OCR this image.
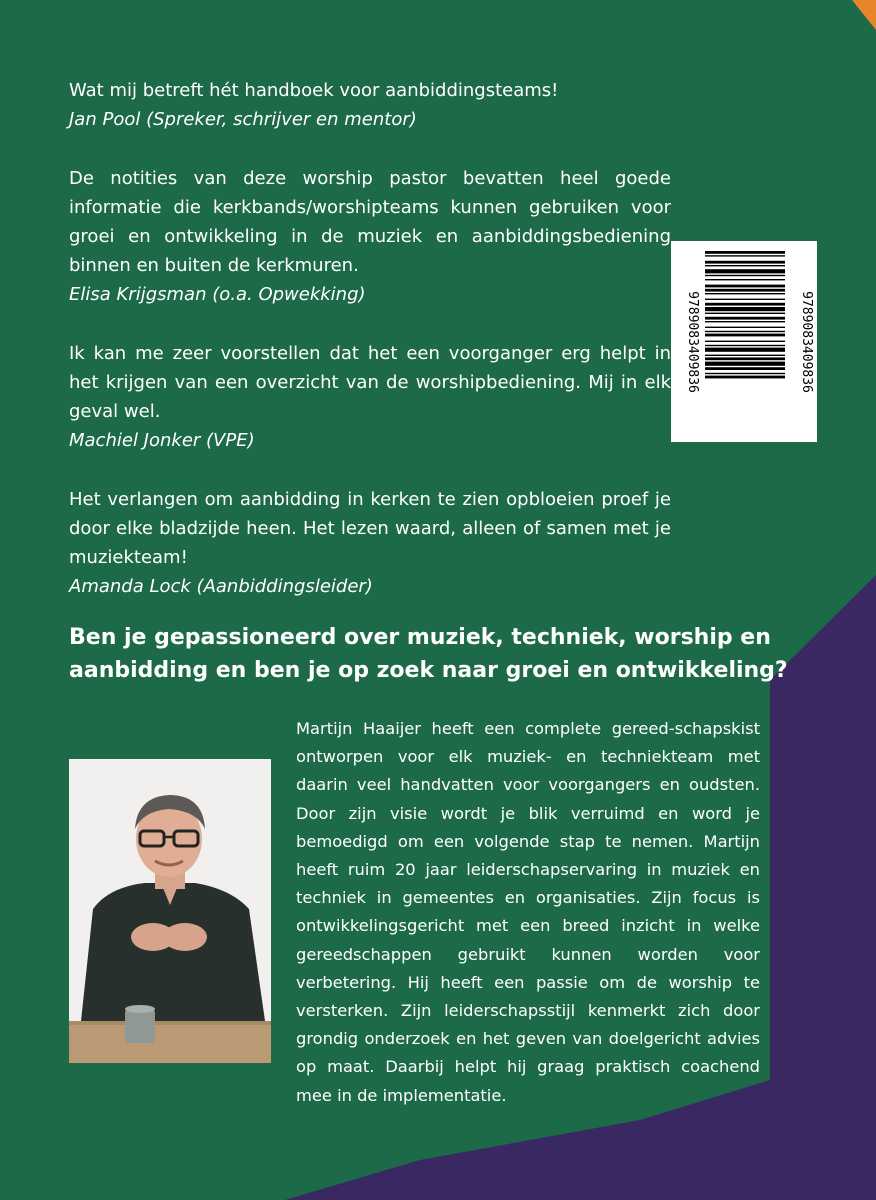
Wat mij betreft hét handboek voor aanbiddingsteams!

Jan Pool (Spreker, schrijver en mentor)

De notities van deze worship pastor bevatten heel goede informatie die kerkbands/worshipteams kunnen gebruiken voor groei en ontwikkeling in de muziek en aanbiddingsbediening binnen en buiten de kerkmuren.

Elisa Krijgsman (o.a. Opwekking)

Ik kan me zeer voorstellen dat het een voorganger erg helpt in het krijgen van een overzicht van de worshipbediening. Mij in elk geval wel.

Machiel Jonker (VPE)

Het verlangen om aanbidding in kerken te zien opbloeien proef je door elke bladzijde heen. Het lezen waard, alleen of samen met je muziekteam!

Amanda Lock (Aanbiddingsleider)

9789083409836	9789083409836
Ben je gepassioneerd over muziek, techniek, worship en aanbidding en ben je op zoek naar groei en ontwikkeling?

Martijn Haaijer heeft een complete gereed-schapskist ontworpen voor elk muziek- en techniekteam met daarin veel handvatten voor voorgangers en oudsten. Door zijn visie wordt je blik verruimd en word je bemoedigd om een volgende stap te nemen. Martijn heeft ruim 20 jaar leiderschapservaring in muziek en techniek in gemeentes en organisaties. Zijn focus is ontwikkelingsgericht met een breed inzicht in welke gereedschappen gebruikt kunnen worden voor verbetering. Hij heeft een passie om de worship te versterken. Zijn leiderschapsstijl kenmerkt zich door grondig onderzoek en het geven van doelgericht advies op maat. Daarbij helpt hij graag praktisch coachend mee in de implementatie.
